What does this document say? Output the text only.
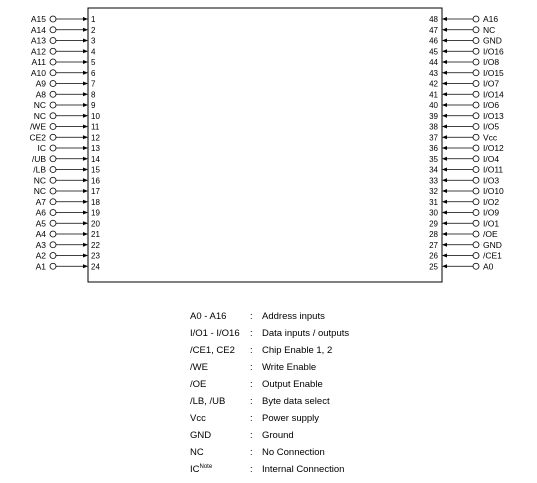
A15	1
A14	2
A13	3
A12	4
A11	5
A10	6
A9	7
A8	8
NC	9
NC	10
/WE	11
CE2	12
IC	13
/UB	14
/LB	15
NC	16
NC	17
A7	18
A6	19
A5	20
A4	21
A3	22
A2	23
A1	24
48	A16
47	NC
46	GND
45	I/O16
44	I/O8
43	I/O15
42	I/O7
41	I/O14
40	I/O6
39	I/O13
38	I/O5
37	Vcc
36	I/O12
35	I/O4
34	I/O11
33	I/O3
32	I/O10
31	I/O2
30	I/O9
29	I/O1
28	/OE
27	GND
26	/CE1
25	A0
A0 - A16	: Address inputs
I/O1 - I/O16	: Data inputs / outputs
/CE1, CE2	: Chip Enable 1, 2
/WE	: Write Enable
/OE	: Output Enable
/LB, /UB	: Byte data select
Vcc	: Power supply
GND	: Ground
NC	: No Connection
$IC^{Note}$	: Internal Connection
